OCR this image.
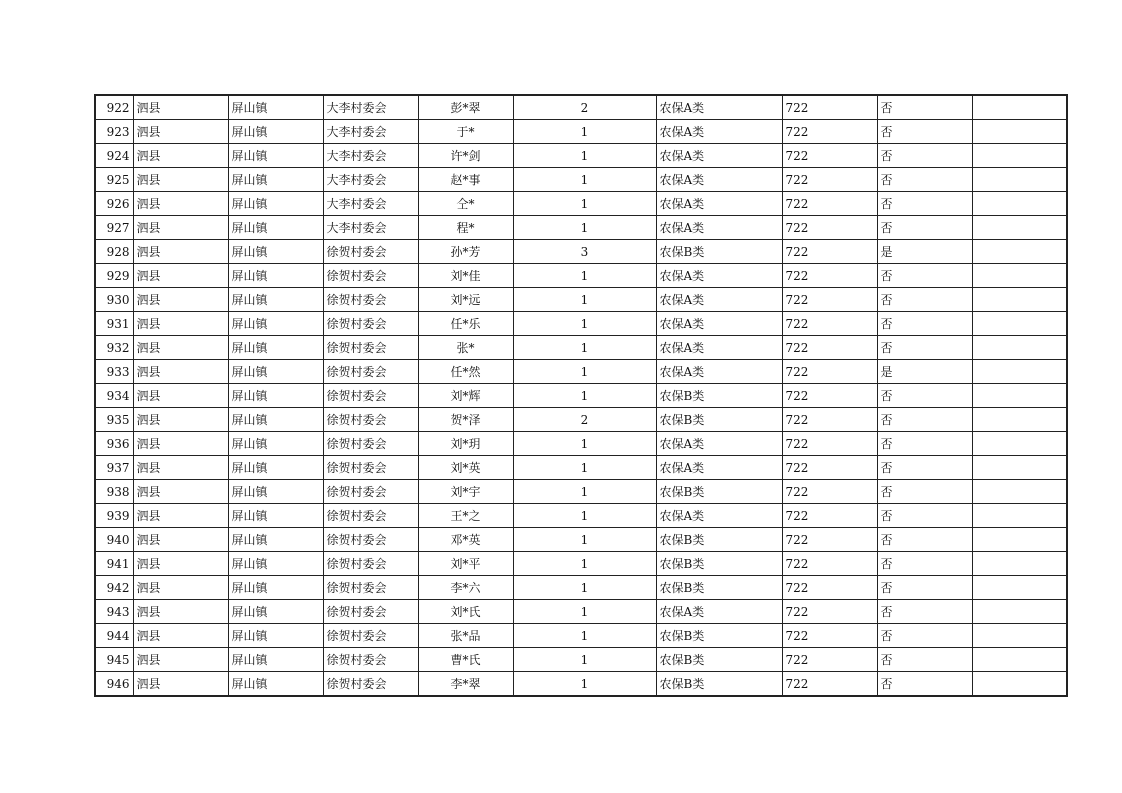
922	泗县	屏山镇	大李村委会	彭*翠	2	农保A类	722	否	
923	泗县	屏山镇	大李村委会	于*	1	农保A类	722	否	
924	泗县	屏山镇	大李村委会	许*剑	1	农保A类	722	否	
925	泗县	屏山镇	大李村委会	赵*事	1	农保A类	722	否	
926	泗县	屏山镇	大李村委会	仝*	1	农保A类	722	否	
927	泗县	屏山镇	大李村委会	程*	1	农保A类	722	否	
928	泗县	屏山镇	徐贺村委会	孙*芳	3	农保B类	722	是	
929	泗县	屏山镇	徐贺村委会	刘*佳	1	农保A类	722	否	
930	泗县	屏山镇	徐贺村委会	刘*远	1	农保A类	722	否	
931	泗县	屏山镇	徐贺村委会	任*乐	1	农保A类	722	否	
932	泗县	屏山镇	徐贺村委会	张*	1	农保A类	722	否	
933	泗县	屏山镇	徐贺村委会	任*然	1	农保A类	722	是	
934	泗县	屏山镇	徐贺村委会	刘*辉	1	农保B类	722	否	
935	泗县	屏山镇	徐贺村委会	贺*泽	2	农保B类	722	否	
936	泗县	屏山镇	徐贺村委会	刘*玥	1	农保A类	722	否	
937	泗县	屏山镇	徐贺村委会	刘*英	1	农保A类	722	否	
938	泗县	屏山镇	徐贺村委会	刘*宇	1	农保B类	722	否	
939	泗县	屏山镇	徐贺村委会	王*之	1	农保A类	722	否	
940	泗县	屏山镇	徐贺村委会	邓*英	1	农保B类	722	否	
941	泗县	屏山镇	徐贺村委会	刘*平	1	农保B类	722	否	
942	泗县	屏山镇	徐贺村委会	李*六	1	农保B类	722	否	
943	泗县	屏山镇	徐贺村委会	刘*氏	1	农保A类	722	否	
944	泗县	屏山镇	徐贺村委会	张*品	1	农保B类	722	否	
945	泗县	屏山镇	徐贺村委会	曹*氏	1	农保B类	722	否	
946	泗县	屏山镇	徐贺村委会	李*翠	1	农保B类	722	否	
